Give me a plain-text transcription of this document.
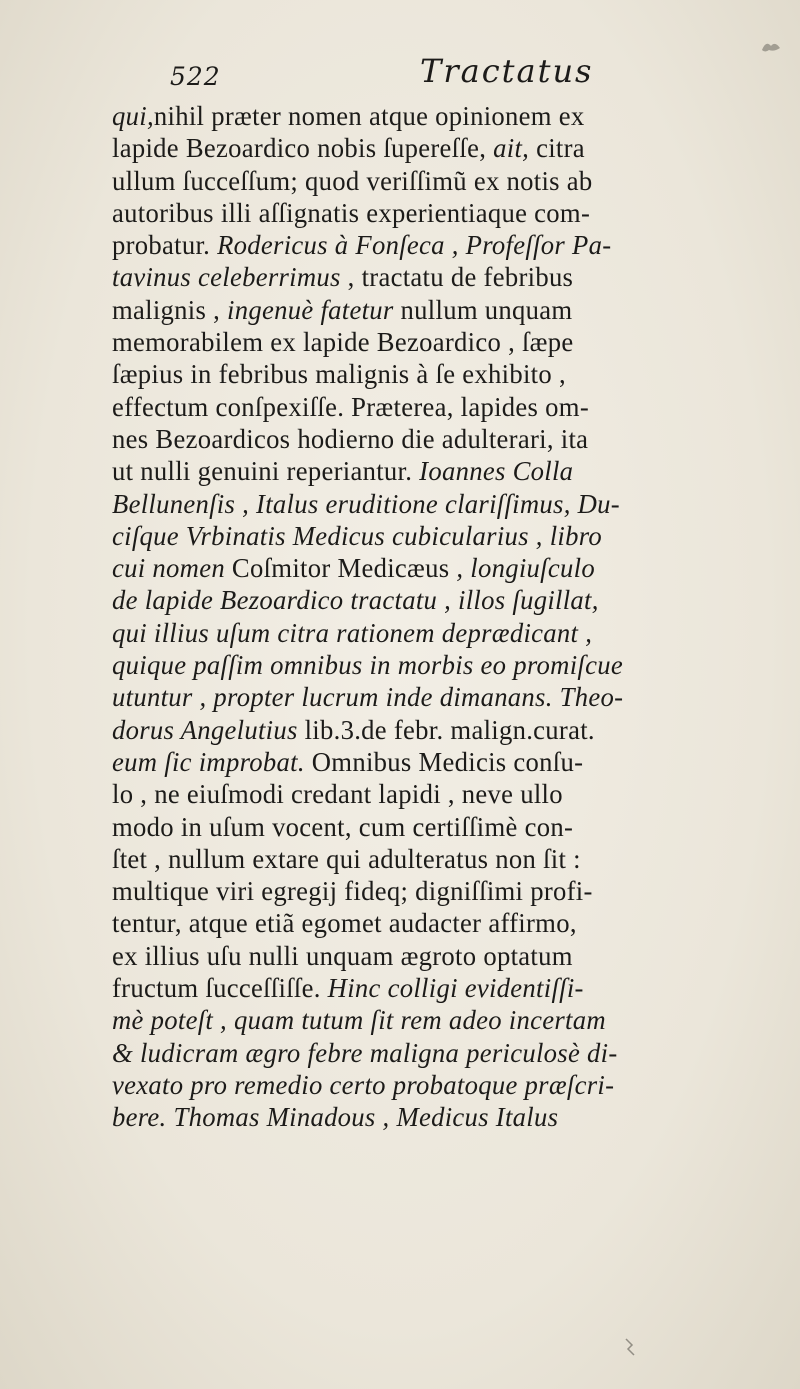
522	Tractatus
qui,nihil præter nomen atque opinionem ex
lapide Bezoardico nobis ſupereſſe, ait, citra
ullum ſucceſſum; quod veriſſimũ ex notis ab
autoribus illi aſſignatis experientiaque com-
probatur. Rodericus à Fonſeca , Profeſſor Pa-
tavinus celeberrimus , tractatu de febribus
malignis , ingenuè fatetur nullum unquam
memorabilem ex lapide Bezoardico , ſæpe
ſæpius in febribus malignis à ſe exhibito ,
effectum conſpexiſſe. Prӕterea, lapides om-
nes Bezoardicos hodierno die adulterari, ita
ut nulli genuini reperiantur. Ioannes Colla
Bellunenſis , Italus eruditione clariſſimus, Du-
ciſque Vrbinatis Medicus cubicularius , libro
cui nomen Coſmitor Medicæus , longiuſculo
de lapide Bezoardico tractatu , illos ſugillat,
qui illius uſum citra rationem deprædicant ,
quique paſſim omnibus in morbis eo promiſcue
utuntur , propter lucrum inde dimanans. Theo-
dorus Angelutius lib.3.de febr. malign.curat.
eum ſic improbat. Omnibus Medicis conſu-
lo , ne eiuſmodi credant lapidi , neve ullo
modo in uſum vocent, cum certiſſimè con-
ſtet , nullum extare qui adulteratus non ſit :
multique viri egregij fideq; digniſſimi profi-
tentur, atque etiã egomet audacter affirmo,
ex illius uſu nulli unquam ægroto optatum
fructum ſucceſſiſſe. Hinc colligi evidentiſſi-
mè poteſt , quam tutum ſit rem adeo incertam
& ludicram ægro febre maligna periculosè di-
vexato pro remedio certo probatoque præſcri-
bere. Thomas Minadous , Medicus Italus
